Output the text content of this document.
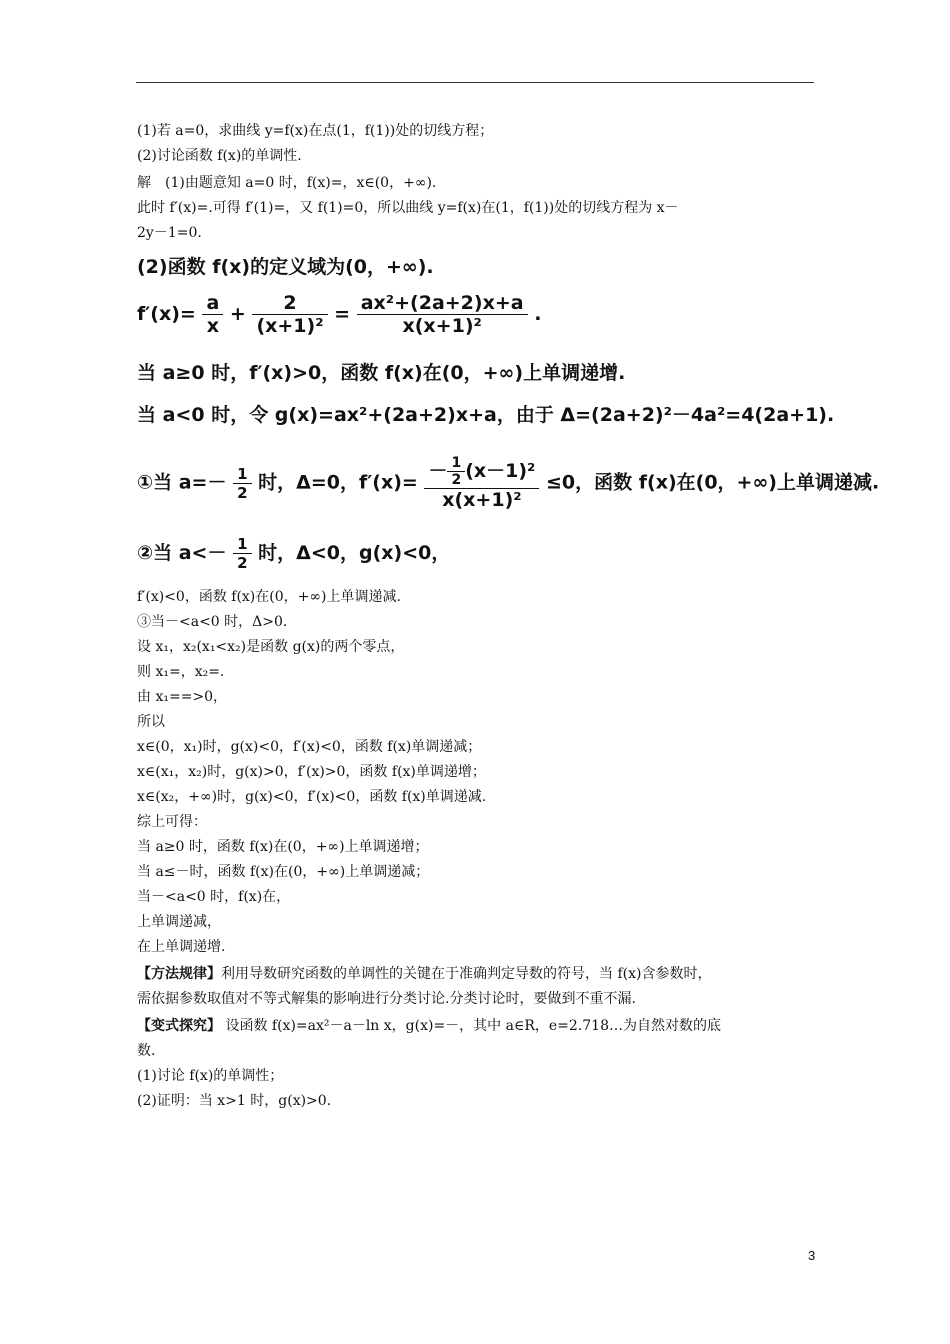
(1)若 a=0，求曲线 y=f(x)在点(1，f(1))处的切线方程；
(2)讨论函数 f(x)的单调性.
解　(1)由题意知 a=0 时，f(x)=，x∈(0，+∞).
此时 f′(x)=.可得 f′(1)=，又 f(1)=0，所以曲线 y=f(x)在(1，f(1))处的切线方程为 x－
2y－1=0.
(2)函数 f(x)的定义域为(0，+∞).
$f'(x)= \frac{a}{x} + \frac{2}{\text{(x+1)²}} = \frac{\text{ax²+(2a+2)x+a}}{\text{x(x+1)²}}$ .
当 a≥0 时，f′(x)>0，函数 f(x)在(0，+∞)上单调递增.
当 a<0 时，令 g(x)=ax²+(2a+2)x+a，由于 Δ=(2a+2)²－4a²=4(2a+1).
①当 $a=- \frac{1}{2}$ 时，Δ=0，$f'(x)= \frac{- \frac{1}{2} (x-1)^2}{\text{x(x+1)²}} \le 0$，函数 f(x)在(0，+∞)上单调递减.
②当 $a<- \frac{1}{2}$ 时，Δ<0，g(x)<0，
f′(x)<0，函数 f(x)在(0，+∞)上单调递减.
③当－<a<0 时，Δ>0.
设 x₁，x₂(x₁<x₂)是函数 g(x)的两个零点，
则 x₁=，x₂=.
由 x₁==>0，
所以
x∈(0，x₁)时，g(x)<0，f′(x)<0，函数 f(x)单调递减；
x∈(x₁，x₂)时，g(x)>0，f′(x)>0，函数 f(x)单调递增；
x∈(x₂，+∞)时，g(x)<0，f′(x)<0，函数 f(x)单调递减.
综上可得：
当 a≥0 时，函数 f(x)在(0，+∞)上单调递增；
当 a≤－时，函数 f(x)在(0，+∞)上单调递减；
当－<a<0 时，f(x)在，
上单调递减，
在上单调递增.
【方法规律】利用导数研究函数的单调性的关键在于准确判定导数的符号，当 f(x)含参数时，
需依据参数取值对不等式解集的影响进行分类讨论.分类讨论时，要做到不重不漏.
【变式探究】 设函数 f(x)=ax²－a－ln x，g(x)=－，其中 a∈R，e=2.718…为自然对数的底
数.
(1)讨论 f(x)的单调性；
(2)证明：当 x>1 时，g(x)>0.
3
